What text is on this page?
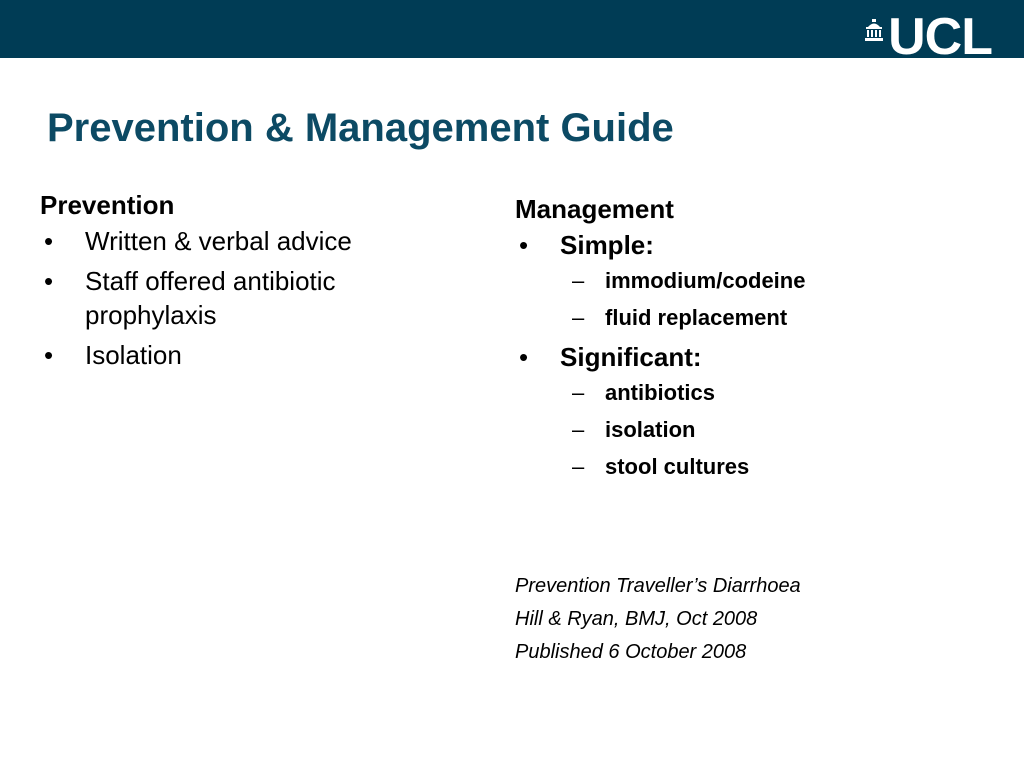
UCL
Prevention & Management Guide
Prevention
• Written & verbal advice
• Staff offered antibiotic prophylaxis
• Isolation
Management
• Simple:
– immodium/codeine
– fluid replacement
• Significant:
– antibiotics
– isolation
– stool cultures
Prevention Traveller’s Diarrhoea
Hill & Ryan, BMJ, Oct 2008
Published 6 October 2008
